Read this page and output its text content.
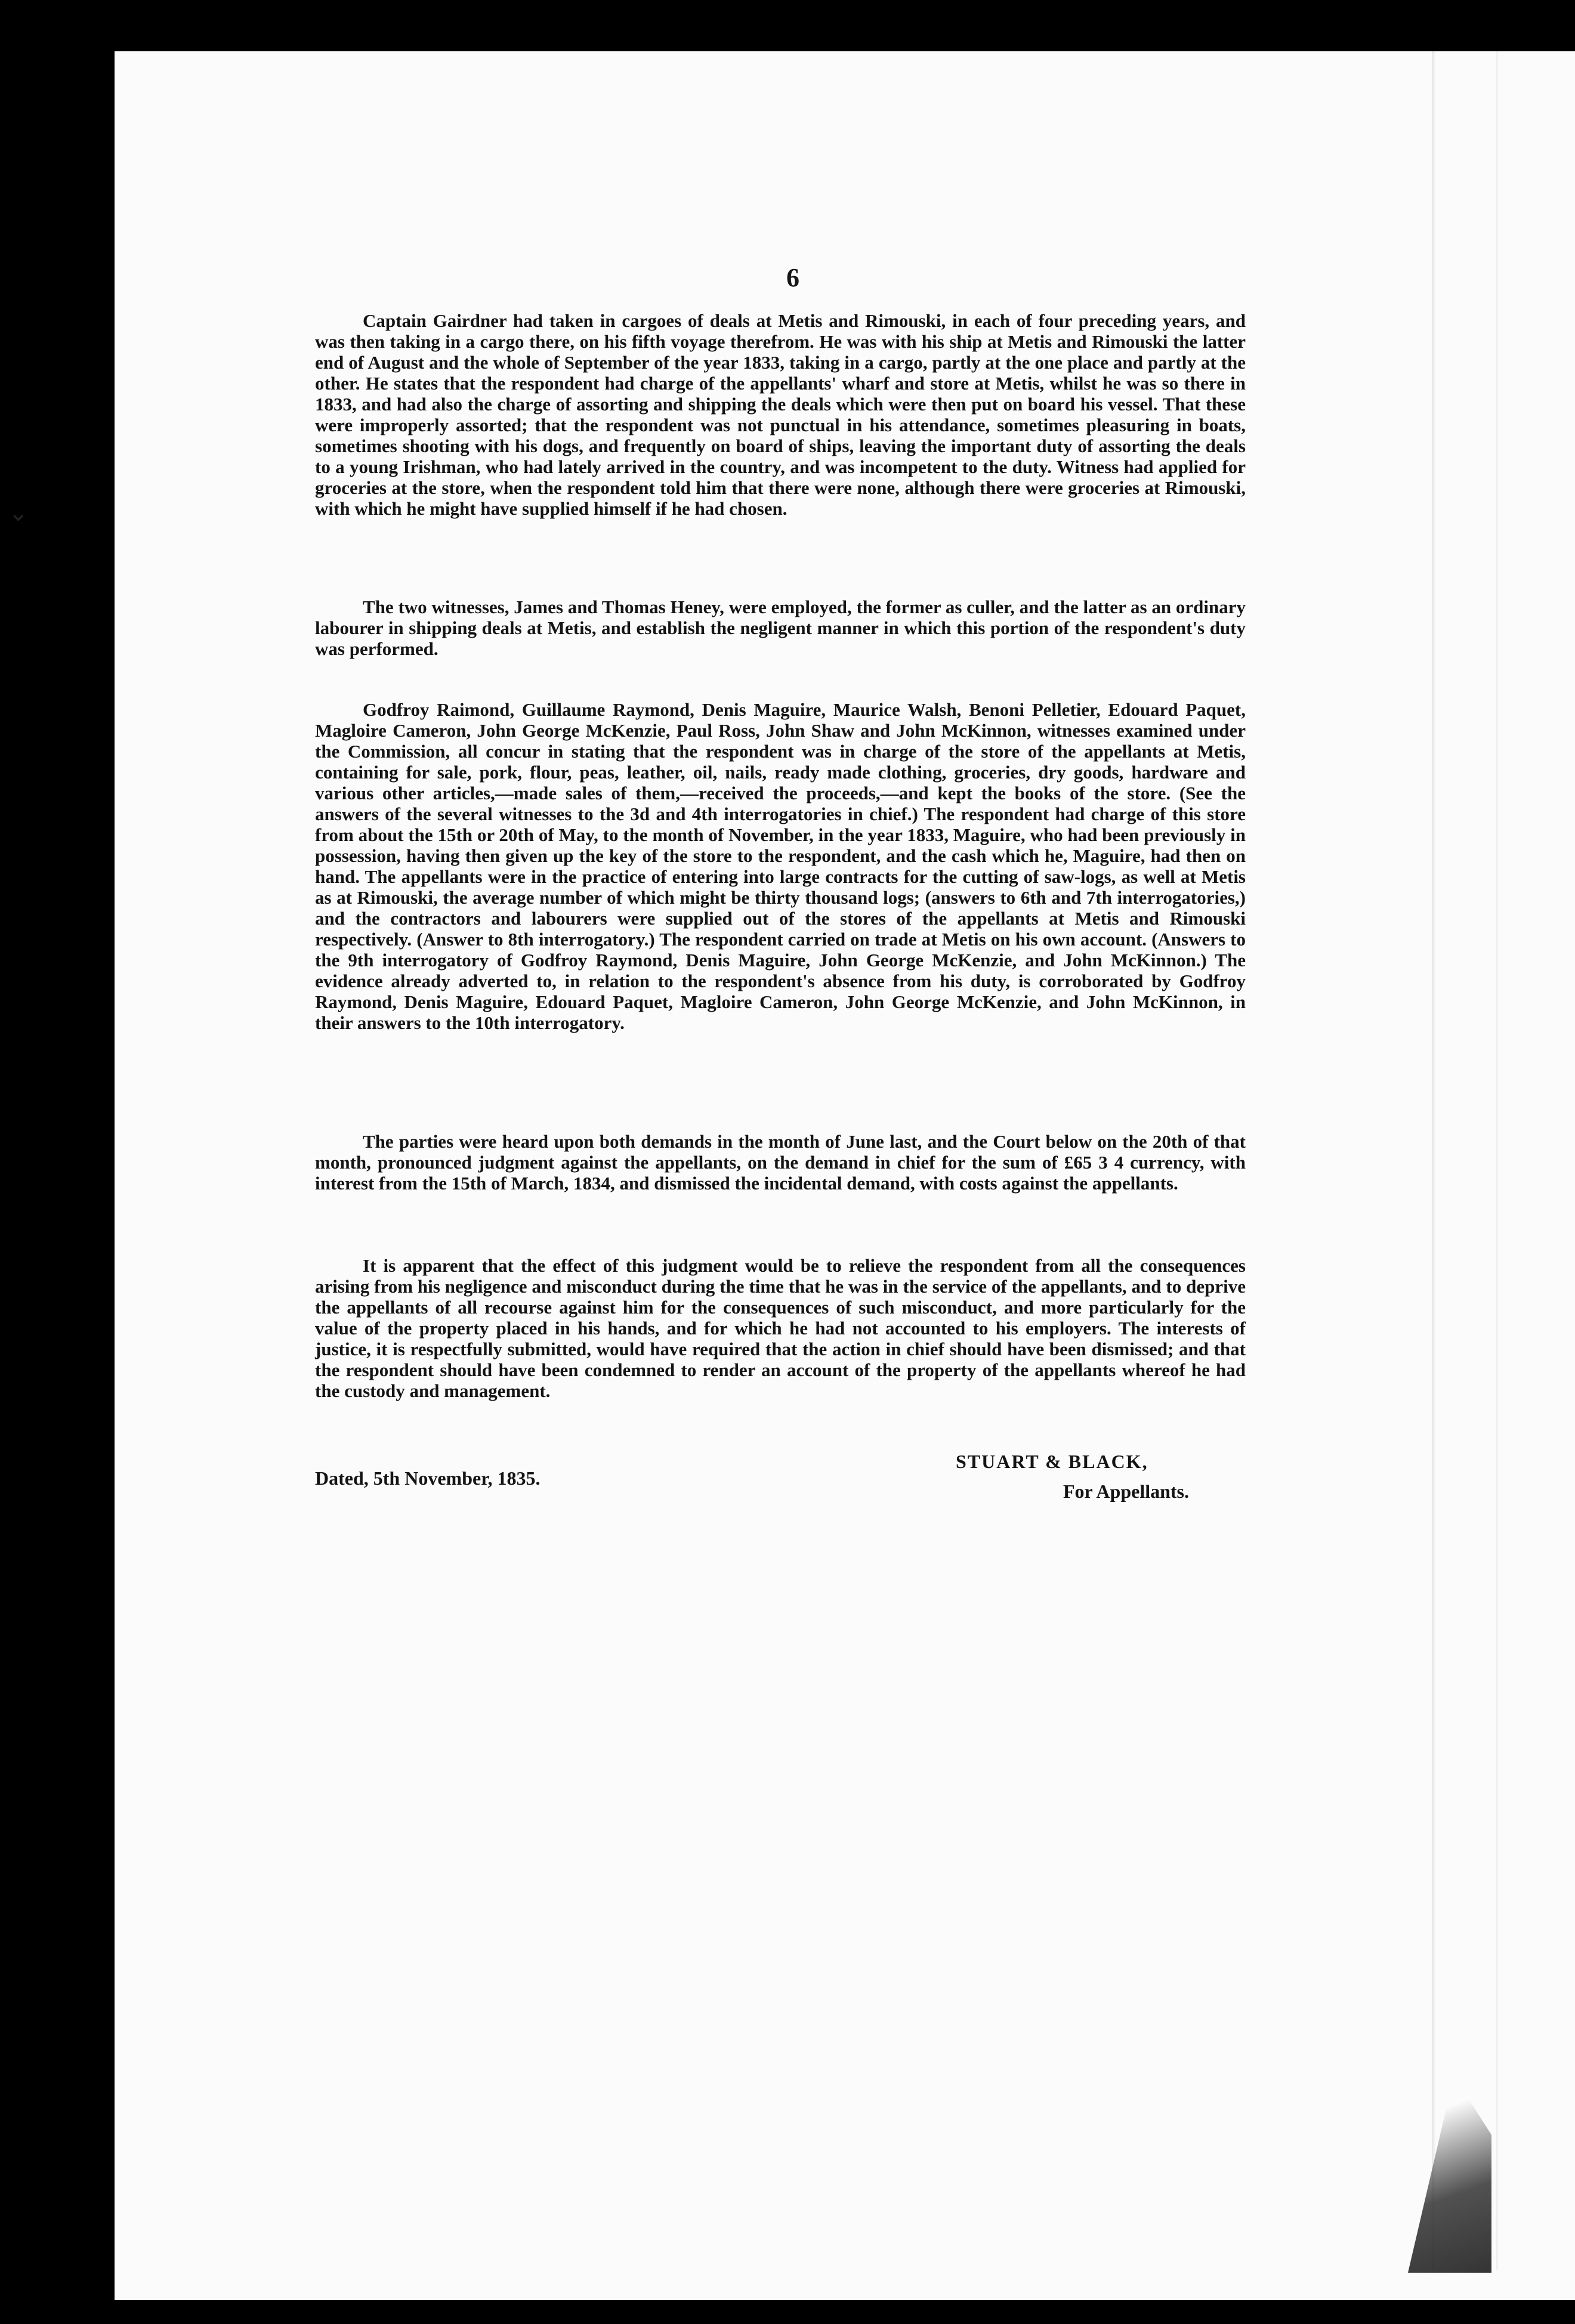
⌄
6

Captain Gairdner had taken in cargoes of deals at Metis and Rimouski, in each of four preceding years, and was then taking in a cargo there, on his fifth voyage therefrom. He was with his ship at Metis and Rimouski the latter end of August and the whole of September of the year 1833, taking in a cargo, partly at the one place and partly at the other. He states that the respondent had charge of the appellants' wharf and store at Metis, whilst he was so there in 1833, and had also the charge of assorting and shipping the deals which were then put on board his vessel. That these were improperly assorted; that the respondent was not punctual in his attendance, sometimes pleasuring in boats, sometimes shooting with his dogs, and frequently on board of ships, leaving the important duty of assorting the deals to a young Irishman, who had lately arrived in the country, and was incompetent to the duty. Witness had applied for groceries at the store, when the respondent told him that there were none, although there were groceries at Rimouski, with which he might have supplied himself if he had chosen.

The two witnesses, James and Thomas Heney, were employed, the former as culler, and the latter as an ordinary labourer in shipping deals at Metis, and establish the negligent manner in which this portion of the respondent's duty was performed.

Godfroy Raimond, Guillaume Raymond, Denis Maguire, Maurice Walsh, Benoni Pelletier, Edouard Paquet, Magloire Cameron, John George McKenzie, Paul Ross, John Shaw and John McKinnon, witnesses examined under the Commission, all concur in stating that the respondent was in charge of the store of the appellants at Metis, containing for sale, pork, flour, peas, leather, oil, nails, ready made clothing, groceries, dry goods, hardware and various other articles,—made sales of them,—received the proceeds,—and kept the books of the store. (See the answers of the several witnesses to the 3d and 4th interrogatories in chief.) The respondent had charge of this store from about the 15th or 20th of May, to the month of November, in the year 1833, Maguire, who had been previously in possession, having then given up the key of the store to the respondent, and the cash which he, Maguire, had then on hand. The appellants were in the practice of entering into large contracts for the cutting of saw-logs, as well at Metis as at Rimouski, the average number of which might be thirty thousand logs; (answers to 6th and 7th interrogatories,) and the contractors and labourers were supplied out of the stores of the appellants at Metis and Rimouski respectively. (Answer to 8th interrogatory.) The respondent carried on trade at Metis on his own account. (Answers to the 9th interrogatory of Godfroy Raymond, Denis Maguire, John George McKenzie, and John McKinnon.) The evidence already adverted to, in relation to the respondent's absence from his duty, is corroborated by Godfroy Raymond, Denis Maguire, Edouard Paquet, Magloire Cameron, John George McKenzie, and John McKinnon, in their answers to the 10th interrogatory.

The parties were heard upon both demands in the month of June last, and the Court below on the 20th of that month, pronounced judgment against the appellants, on the demand in chief for the sum of £65 3 4 currency, with interest from the 15th of March, 1834, and dismissed the incidental demand, with costs against the appellants.

It is apparent that the effect of this judgment would be to relieve the respondent from all the consequences arising from his negligence and misconduct during the time that he was in the service of the appellants, and to deprive the appellants of all recourse against him for the consequences of such misconduct, and more particularly for the value of the property placed in his hands, and for which he had not accounted to his employers. The interests of justice, it is respectfully submitted, would have required that the action in chief should have been dismissed; and that the respondent should have been condemned to render an account of the property of the appellants whereof he had the custody and management.

Dated, 5th November, 1835.
STUART & BLACK,
For Appellants.
